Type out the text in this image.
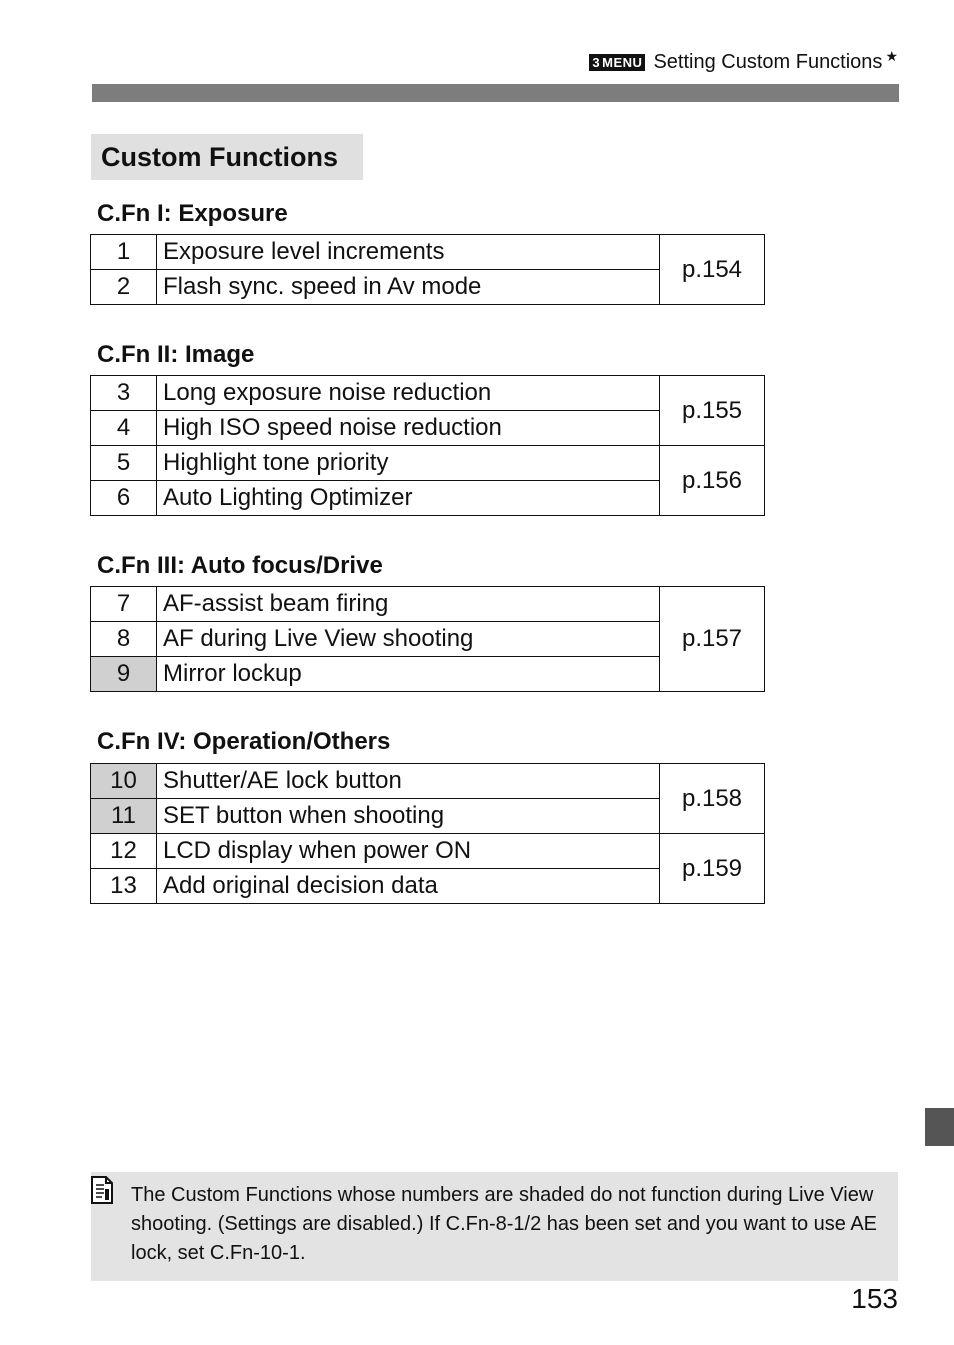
3 MENU Setting Custom Functions ★
Custom Functions
C.Fn I: Exposure
1	Exposure level increments	p.154
2	Flash sync. speed in Av mode	
C.Fn II: Image
3	Long exposure noise reduction	p.155
4	High ISO speed noise reduction	
5	Highlight tone priority	p.156
6	Auto Lighting Optimizer	
C.Fn III: Auto focus/Drive
7	AF-assist beam firing	p.157
8	AF during Live View shooting	
9	Mirror lockup	
C.Fn IV: Operation/Others
10	Shutter/AE lock button	p.158
11	SET button when shooting	
12	LCD display when power ON	p.159
13	Add original decision data	
The Custom Functions whose numbers are shaded do not function during Live View shooting. (Settings are disabled.) If C.Fn-8-1/2 has been set and you want to use AE lock, set C.Fn-10-1.
153
